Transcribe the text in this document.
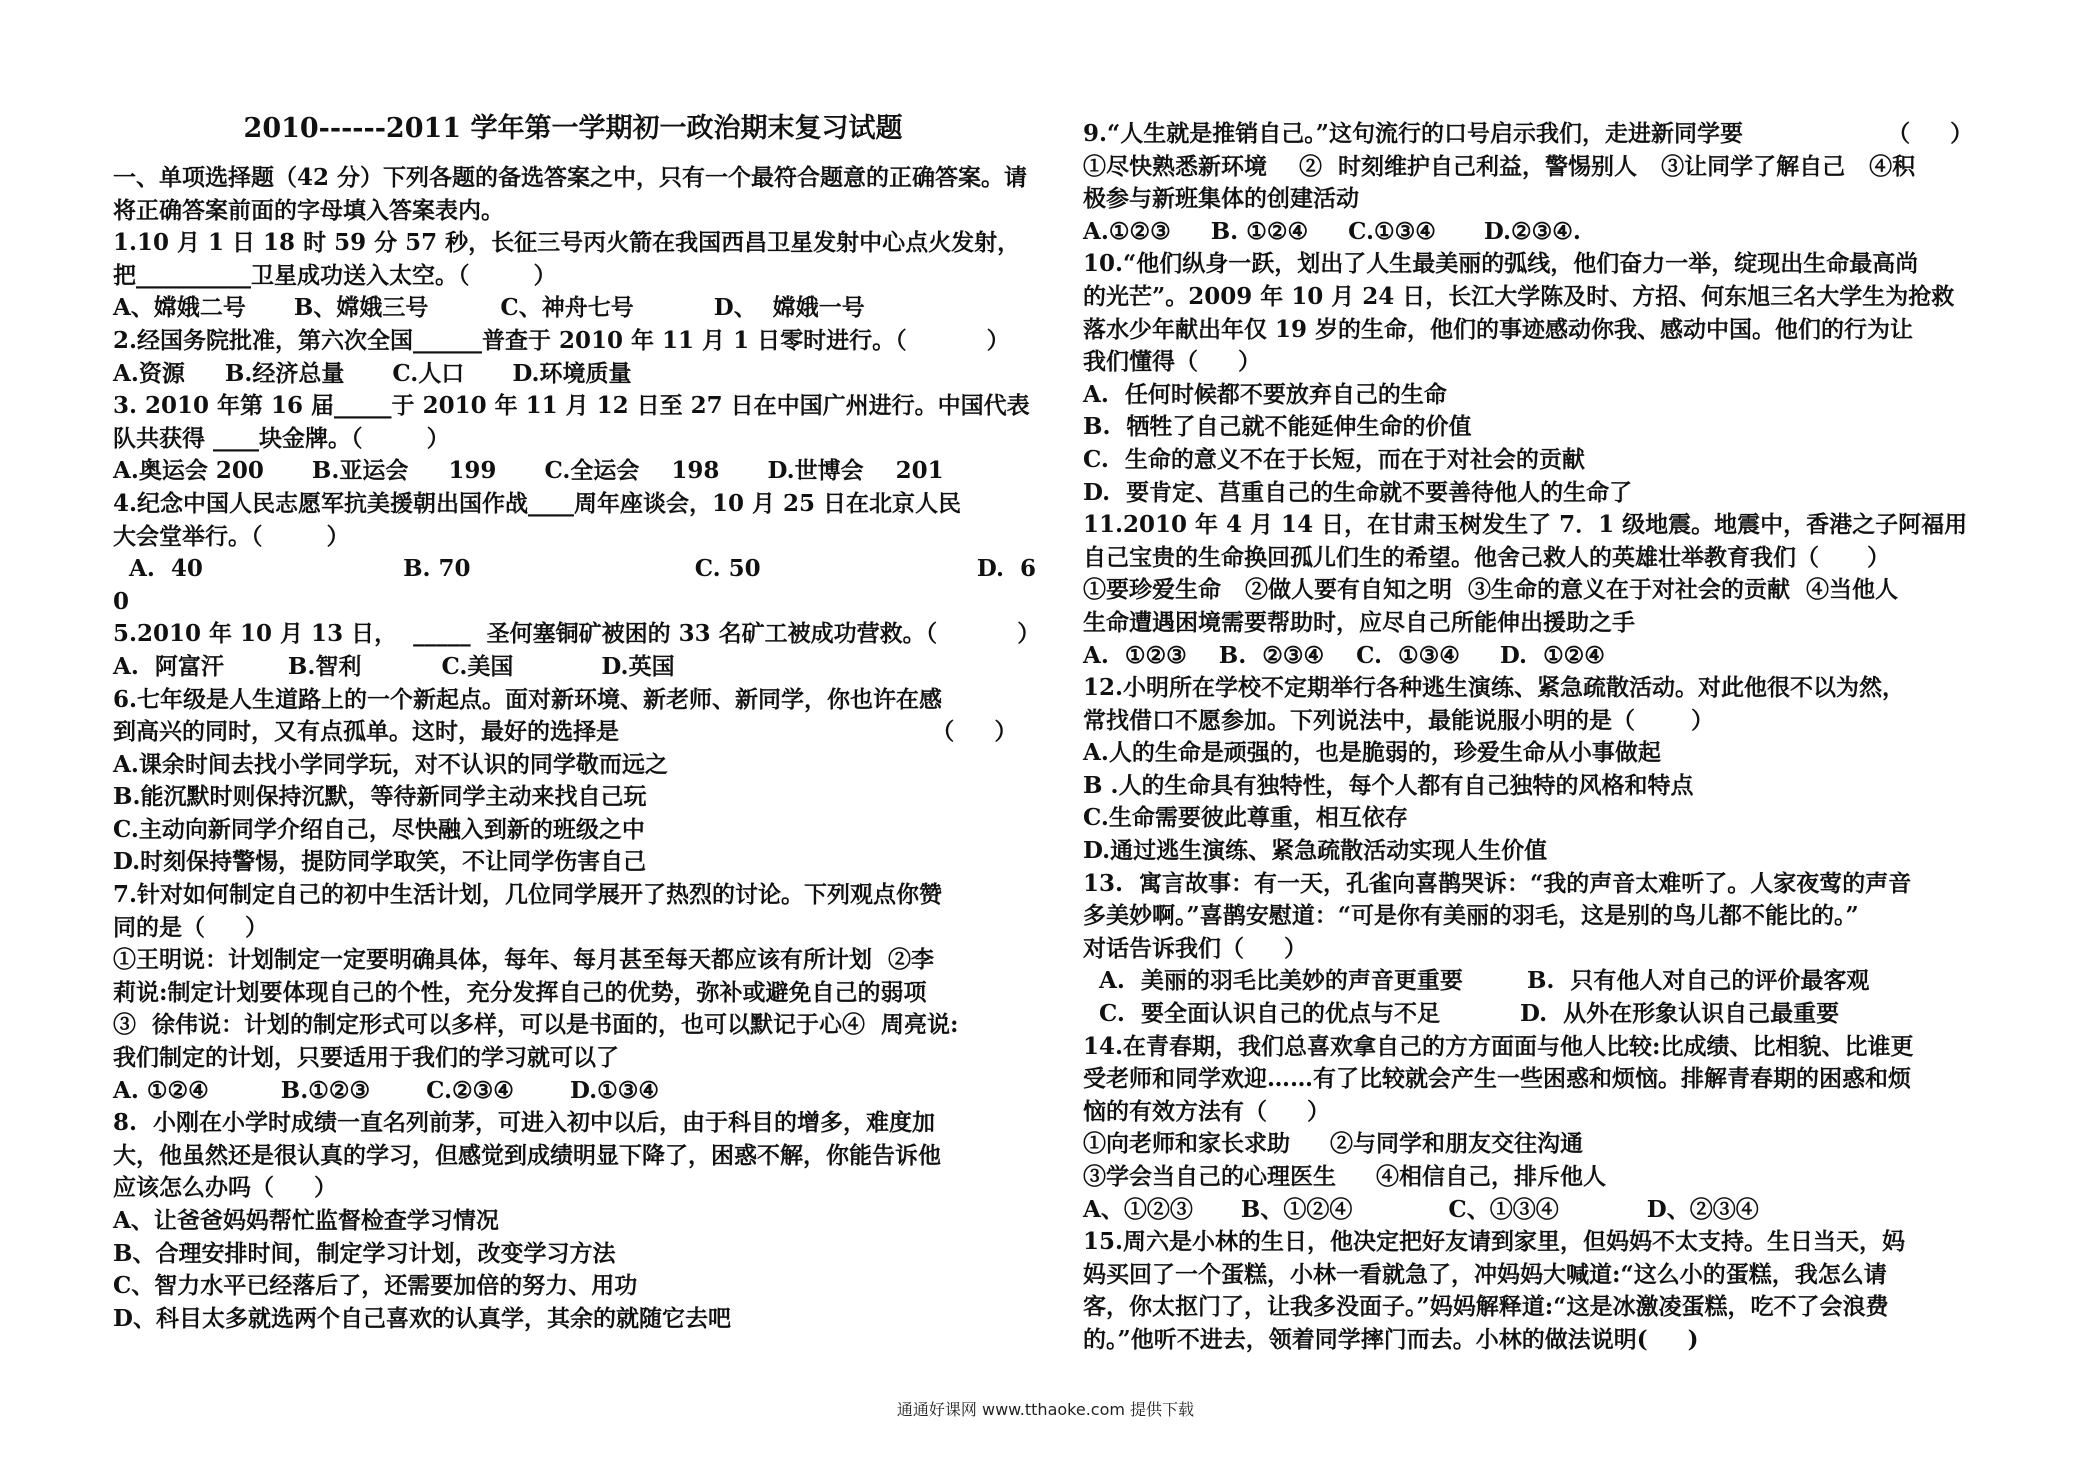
2010------2011 学年第一学期初一政治期末复习试题
一、单项选择题（42 分）下列各题的备选答案之中，只有一个最符合题意的正确答案。请
将正确答案前面的字母填入答案表内。
1.10 月 1 日 18 时 59 分 57 秒，长征三号丙火箭在我国西昌卫星发射中心点火发射，
把__________卫星成功送入太空。（        ）
A、嫦娥二号      B、嫦娥三号         C、神舟七号          D、  嫦娥一号
2.经国务院批准，第六次全国______普查于 2010 年 11 月 1 日零时进行。（          ）
A.资源     B.经济总量      C.人口      D.环境质量
3. 2010 年第 16 届_____于 2010 年 11 月 12 日至 27 日在中国广州进行。中国代表
队共获得 ____块金牌。（        ）
A.奥运会 200      B.亚运会     199      C.全运会    198      D.世博会    201
4.纪念中国人民志愿军抗美援朝出国作战____周年座谈会，10 月 25 日在北京人民
大会堂举行。（        ）
A.  40                         B. 70                            C. 50                           D.  6
0
5.2010 年 10 月 13 日，  _____  圣何塞铜矿被困的 33 名矿工被成功营救。（          ）
A.  阿富汗        B.智利          C.美国           D.英国
6.七年级是人生道路上的一个新起点。面对新环境、新老师、新同学，你也许在感
到高兴的同时，又有点孤单。这时，最好的选择是                                       （     ）
A.课余时间去找小学同学玩，对不认识的同学敬而远之
B.能沉默时则保持沉默，等待新同学主动来找自己玩
C.主动向新同学介绍自己，尽快融入到新的班级之中
D.时刻保持警惕，提防同学取笑，不让同学伤害自己
7.针对如何制定自己的初中生活计划，几位同学展开了热烈的讨论。下列观点你赞
同的是（     ）
①王明说：计划制定一定要明确具体，每年、每月甚至每天都应该有所计划  ②李
莉说:制定计划要体现自己的个性，充分发挥自己的优势，弥补或避免自己的弱项
③  徐伟说：计划的制定形式可以多样，可以是书面的，也可以默记于心④  周亮说:
我们制定的计划，只要适用于我们的学习就可以了
A. ①②④         B.①②③       C.②③④       D.①③④
8.  小刚在小学时成绩一直名列前茅，可进入初中以后，由于科目的增多，难度加
大，他虽然还是很认真的学习，但感觉到成绩明显下降了，困惑不解，你能告诉他
应该怎么办吗（     ）
A、让爸爸妈妈帮忙监督检查学习情况
B、合理安排时间，制定学习计划，改变学习方法
C、智力水平已经落后了，还需要加倍的努力、用功
D、科目太多就选两个自己喜欢的认真学，其余的就随它去吧
9.“人生就是推销自己。”这句流行的口号启示我们，走进新同学要                  （     ）
①尽快熟悉新环境    ②  时刻维护自己利益，警惕别人   ③让同学了解自己   ④积
极参与新班集体的创建活动
A.①②③     B. ①②④     C.①③④      D.②③④.
10.“他们纵身一跃，划出了人生最美丽的弧线，他们奋力一举，绽现出生命最高尚
的光芒”。2009 年 10 月 24 日，长江大学陈及时、方招、何东旭三名大学生为抢救
落水少年献出年仅 19 岁的生命，他们的事迹感动你我、感动中国。他们的行为让
我们懂得（     ）
A.  任何时候都不要放弃自己的生命
B.  牺牲了自己就不能延伸生命的价值
C.  生命的意义不在于长短，而在于对社会的贡献
D.  要肯定、莒重自己的生命就不要善待他人的生命了
11.2010 年 4 月 14 日，在甘肃玉树发生了 7．1 级地震。地震中，香港之子阿福用
自己宝贵的生命换回孤儿们生的希望。他舍己救人的英雄壮举教育我们（      ）
①要珍爱生命   ②做人要有自知之明  ③生命的意义在于对社会的贡献  ④当他人
生命遭遇困境需要帮助时，应尽自己所能伸出援助之手
A.  ①②③    B.  ②③④    C.  ①③④     D.  ①②④
12.小明所在学校不定期举行各种逃生演练、紧急疏散活动。对此他很不以为然，
常找借口不愿参加。下列说法中，最能说服小明的是（       ）
A.人的生命是顽强的，也是脆弱的，珍爱生命从小事做起
B .人的生命具有独特性，每个人都有自己独特的风格和特点
C.生命需要彼此尊重，相互依存
D.通过逃生演练、紧急疏散活动实现人生价值
13.  寓言故事：有一天，孔雀向喜鹊哭诉：“我的声音太难听了。人家夜莺的声音
多美妙啊。”喜鹊安慰道：“可是你有美丽的羽毛，这是别的鸟儿都不能比的。”
对话告诉我们（     ）
A.  美丽的羽毛比美妙的声音更重要        B.  只有他人对自己的评价最客观
C.  要全面认识自己的优点与不足          D.  从外在形象认识自己最重要
14.在青春期，我们总喜欢拿自己的方方面面与他人比较:比成绩、比相貌、比谁更
受老师和同学欢迎……有了比较就会产生一些困惑和烦恼。排解青春期的困惑和烦
恼的有效方法有（     ）
①向老师和家长求助     ②与同学和朋友交往沟通
③学会当自己的心理医生     ④相信自己，排斥他人
A、①②③      B、①②④            C、①③④           D、②③④
15.周六是小林的生日，他决定把好友请到家里，但妈妈不太支持。生日当天，妈
妈买回了一个蛋糕，小林一看就急了，冲妈妈大喊道:“这么小的蛋糕，我怎么请
客，你太抠门了，让我多没面子。”妈妈解释道:“这是冰激凌蛋糕，吃不了会浪费
的。”他听不进去，领着同学摔门而去。小林的做法说明(     )
通通好课网 www.tthaoke.com 提供下载
